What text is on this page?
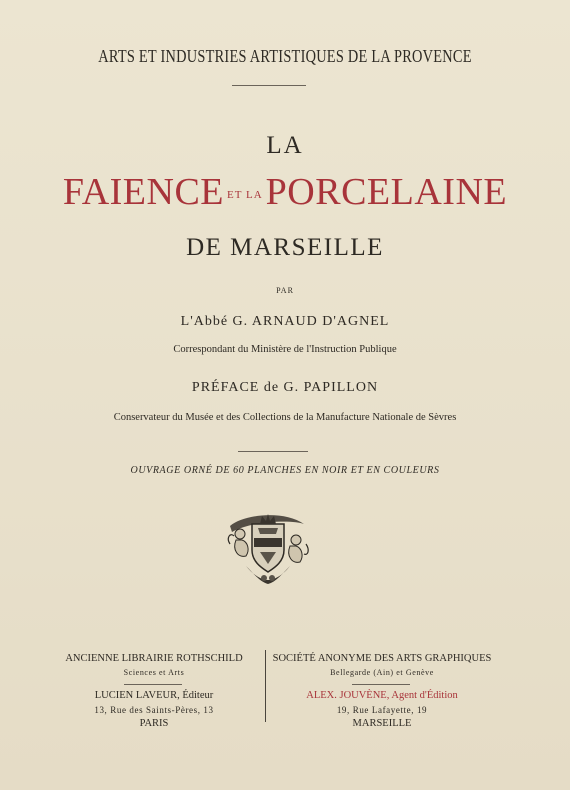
ARTS ET INDUSTRIES ARTISTIQUES DE LA PROVENCE
LA
FAIENCE $^{ET LA}$PORCELAINE
DE MARSEILLE
PAR
L'Abbé G. ARNAUD D'AGNEL
Correspondant du Ministère de l'Instruction Publique
PRÉFACE de G. PAPILLON
Conservateur du Musée et des Collections de la Manufacture Nationale de Sèvres
OUVRAGE ORNÉ DE 60 PLANCHES EN NOIR ET EN COULEURS
ANCIENNE LIBRAIRIE ROTHSCHILD
Sciences et Arts
LUCIEN LAVEUR, Éditeur
13, Rue des Saints-Pères, 13
PARIS
SOCIÉTÉ ANONYME DES ARTS GRAPHIQUES
Bellegarde (Ain) et Genève
ALEX. JOUVÈNE, Agent d'Édition
19, Rue Lafayette, 19
MARSEILLE
